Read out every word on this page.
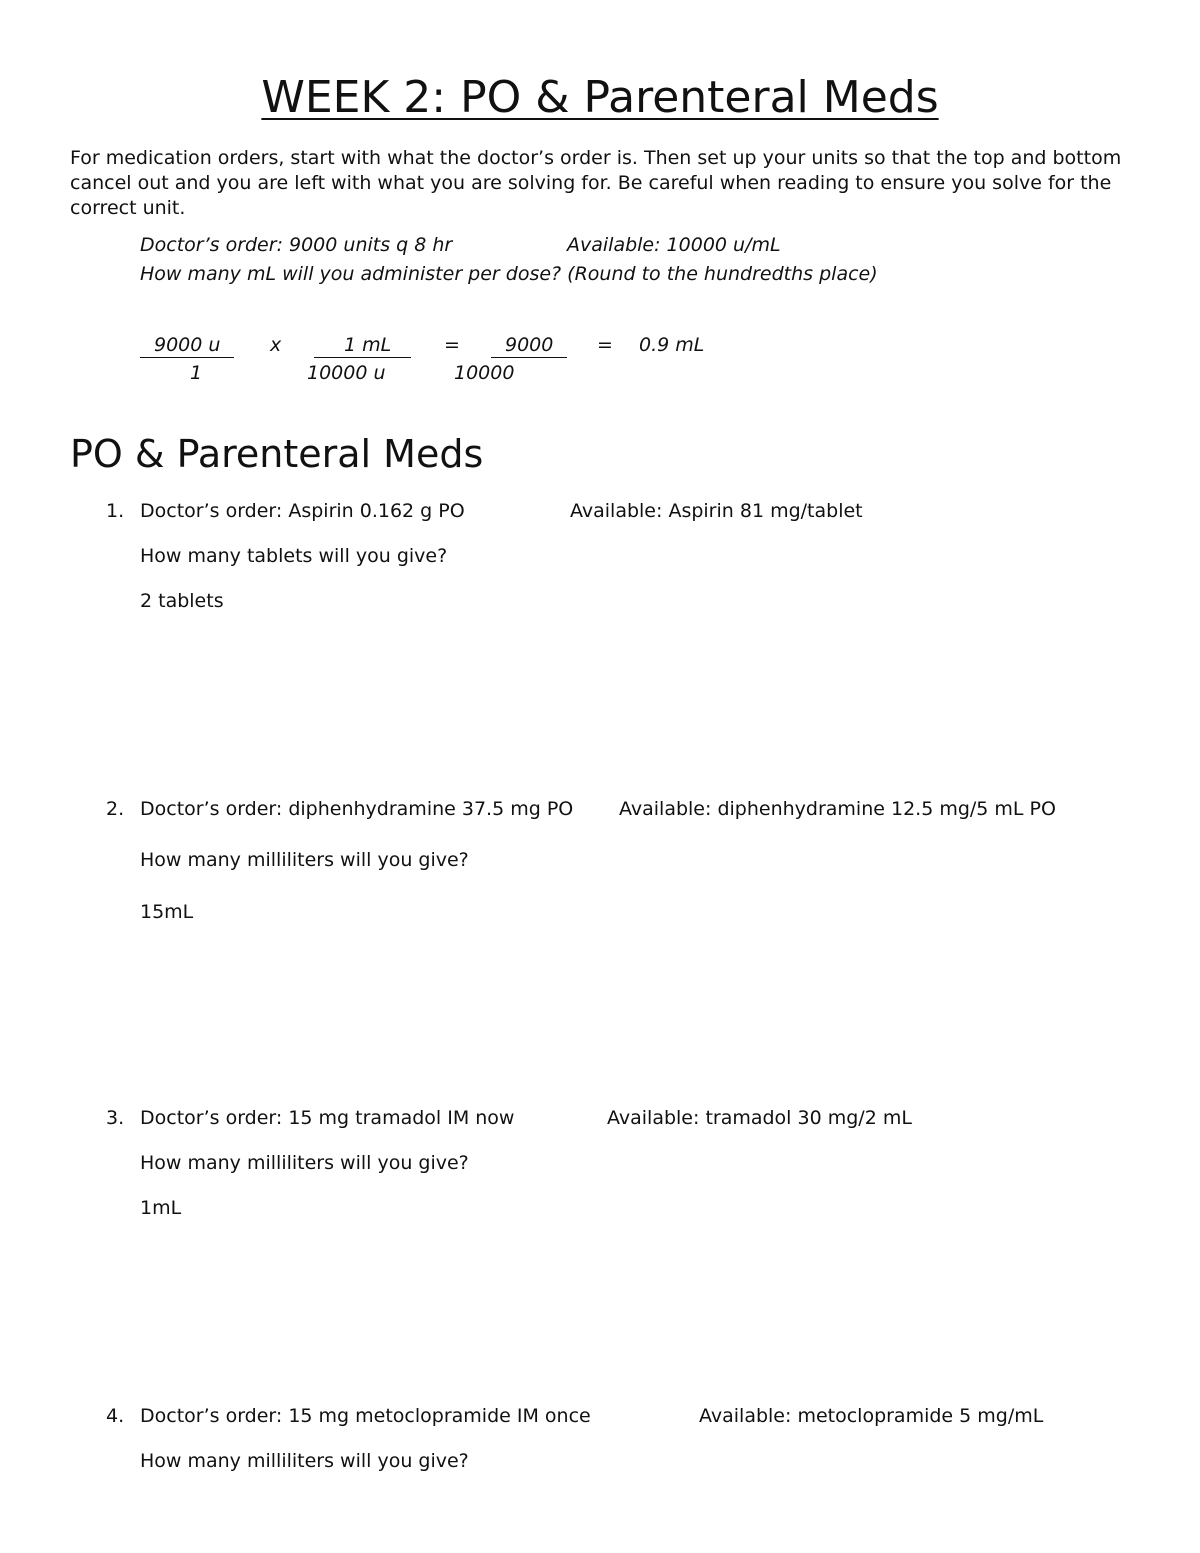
WEEK 2: PO & Parenteral Meds
For medication orders, start with what the doctor’s order is. Then set up your units so that the top and bottom cancel out and you are left with what you are solving for. Be careful when reading to ensure you solve for the correct unit.
Doctor’s order: 9000 units q 8 hr	Available: 10000 u/mL
How many mL will you administer per dose? (Round to the hundredths place)
9000 u
1
x	1 mL
10000 u
=	9000
10000
= 0.9 mL
PO & Parenteral Meds
1. Doctor’s order: Aspirin 0.162 g PO	Available: Aspirin 81 mg/tablet
How many tablets will you give?
2 tablets
2. Doctor’s order: diphenhydramine 37.5 mg PO Available: diphenhydramine 12.5 mg/5 mL PO
How many milliliters will you give?
15mL
3. Doctor’s order: 15 mg tramadol IM now	Available: tramadol 30 mg/2 mL
How many milliliters will you give?
1mL
4. Doctor’s order: 15 mg metoclopramide IM once	Available: metoclopramide 5 mg/mL
How many milliliters will you give?
